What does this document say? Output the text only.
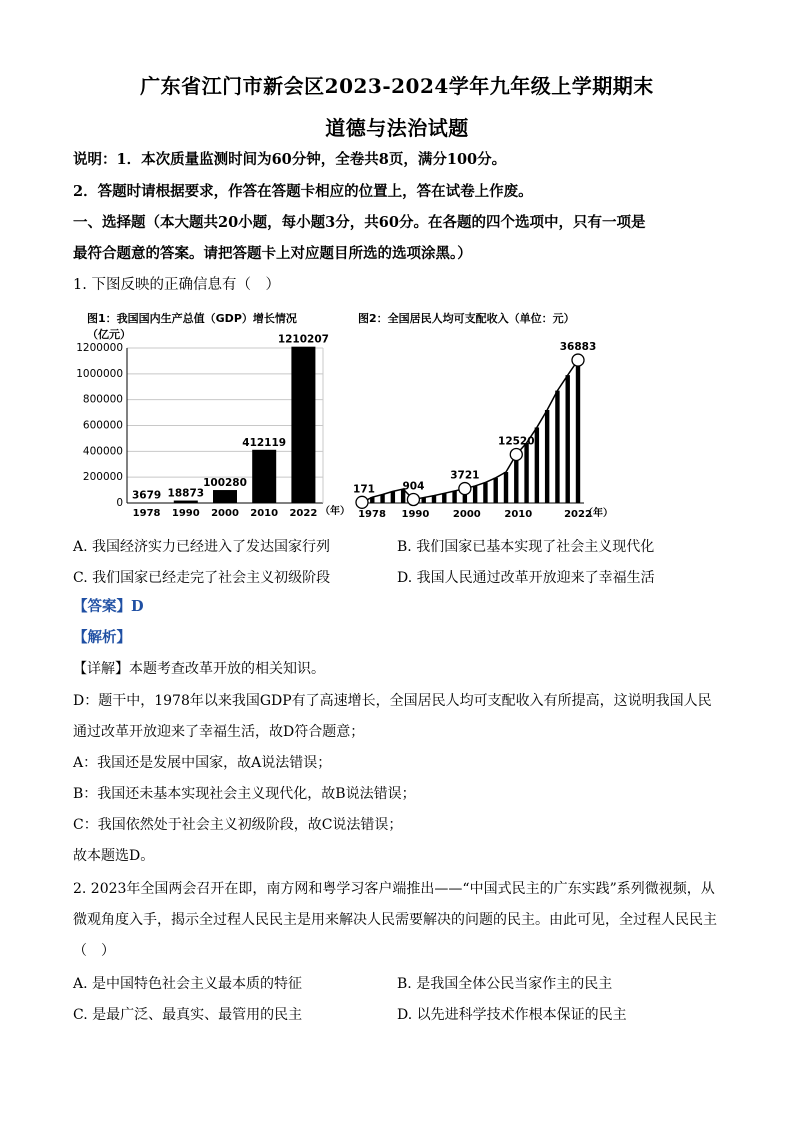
广东省江门市新会区2023-2024学年九年级上学期期末
道德与法治试题
说明：1．本次质量监测时间为60分钟，全卷共8页，满分100分。
2．答题时请根据要求，作答在答题卡相应的位置上，答在试卷上作废。
一、选择题（本大题共20小题，每小题3分，共60分。在各题的四个选项中，只有一项是
最符合题意的答案。请把答题卡上对应题目所选的选项涂黑。）
1. 下图反映的正确信息有（　）
图1：我国国内生产总值（GDP）增长情况
（亿元）
0
200000
400000
600000
800000
1000000
1200000
3679
1978
18873
1990
100280
2000
412119
2010
1210207
2022 （年）
图2：全国居民人均可支配收入（单位：元）
171	904
3721
12520
36883
1978 1990 2000 2010	2022
（年）
A. 我国经济实力已经进入了发达国家行列	B. 我们国家已基本实现了社会主义现代化
C. 我们国家已经走完了社会主义初级阶段	D. 我国人民通过改革开放迎来了幸福生活
【答案】D
【解析】
【详解】本题考查改革开放的相关知识。
D：题干中，1978年以来我国GDP有了高速增长，全国居民人均可支配收入有所提高，这说明我国人民
通过改革开放迎来了幸福生活，故D符合题意；
A：我国还是发展中国家，故A说法错误；
B：我国还未基本实现社会主义现代化，故B说法错误；
C：我国依然处于社会主义初级阶段，故C说法错误；
故本题选D。
2. 2023年全国两会召开在即，南方网和粤学习客户端推出——“中国式民主的广东实践”系列微视频，从
微观角度入手，揭示全过程人民民主是用来解决人民需要解决的问题的民主。由此可见，全过程人民民主
（　）
A. 是中国特色社会主义最本质的特征	B. 是我国全体公民当家作主的民主
C. 是最广泛、最真实、最管用的民主	D. 以先进科学技术作根本保证的民主
